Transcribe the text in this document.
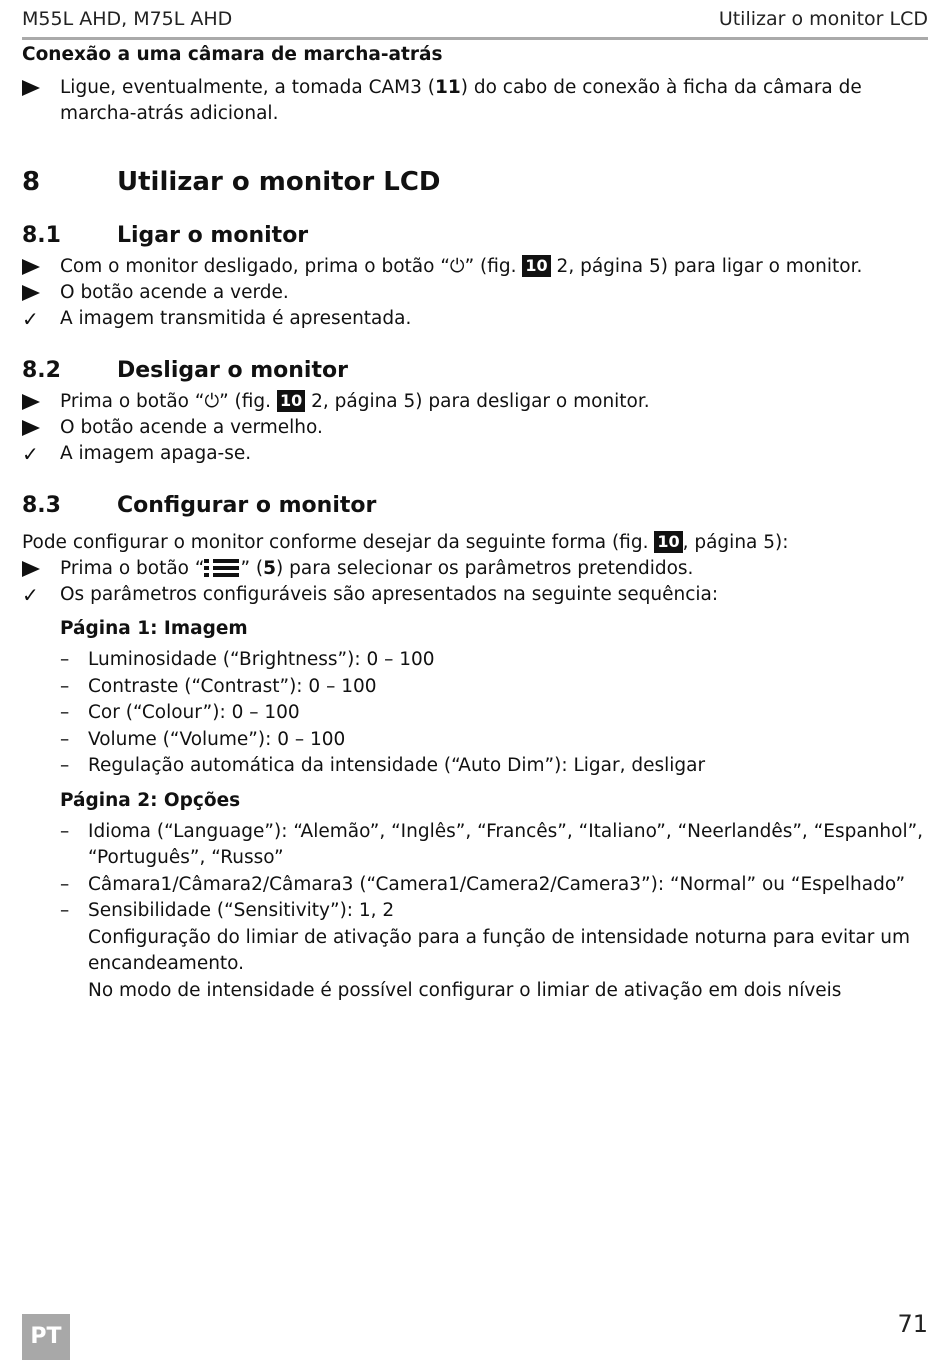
M55L AHD, M75L AHD	Utilizar o monitor LCD
Conexão a uma câmara de marcha-atrás
Ligue, eventualmente, a tomada CAM3 (11) do cabo de conexão à ficha da câmara de marcha-atrás adicional.
8	Utilizar o monitor LCD
8.1	Ligar o monitor
Com o monitor desligado, prima o botão “⏻” (fig. 10 2, página 5) para ligar o monitor.
O botão acende a verde.
✓	A imagem transmitida é apresentada.
8.2	Desligar o monitor
Prima o botão “⏻” (fig. 10 2, página 5) para desligar o monitor.
O botão acende a vermelho.
✓	A imagem apaga-se.
8.3	Configurar o monitor
Pode configurar o monitor conforme desejar da seguinte forma (fig. 10 , página 5):
Prima o botão “ ” (5) para selecionar os parâmetros pretendidos.
✓	Os parâmetros configuráveis são apresentados na seguinte sequência:
Página 1: Imagem
– Luminosidade (“Brightness”): 0 – 100
– Contraste (“Contrast”): 0 – 100
– Cor (“Colour”): 0 – 100
– Volume (“Volume”): 0 – 100
– Regulação automática da intensidade (“Auto Dim”): Ligar, desligar
Página 2: Opções
– Idioma (“Language”): “Alemão”, “Inglês”, “Francês”, “Italiano”, “Neerlandês”, “Espanhol”, “Português”, “Russo”
– Câmara1/Câmara2/Câmara3 (“Camera1/Camera2/Camera3”): “Normal” ou “Espelhado”
– Sensibilidade (“Sensitivity”): 1, 2
Configuração do limiar de ativação para a função de intensidade noturna para evitar um encandeamento.
No modo de intensidade é possível configurar o limiar de ativação em dois níveis
PT	71
